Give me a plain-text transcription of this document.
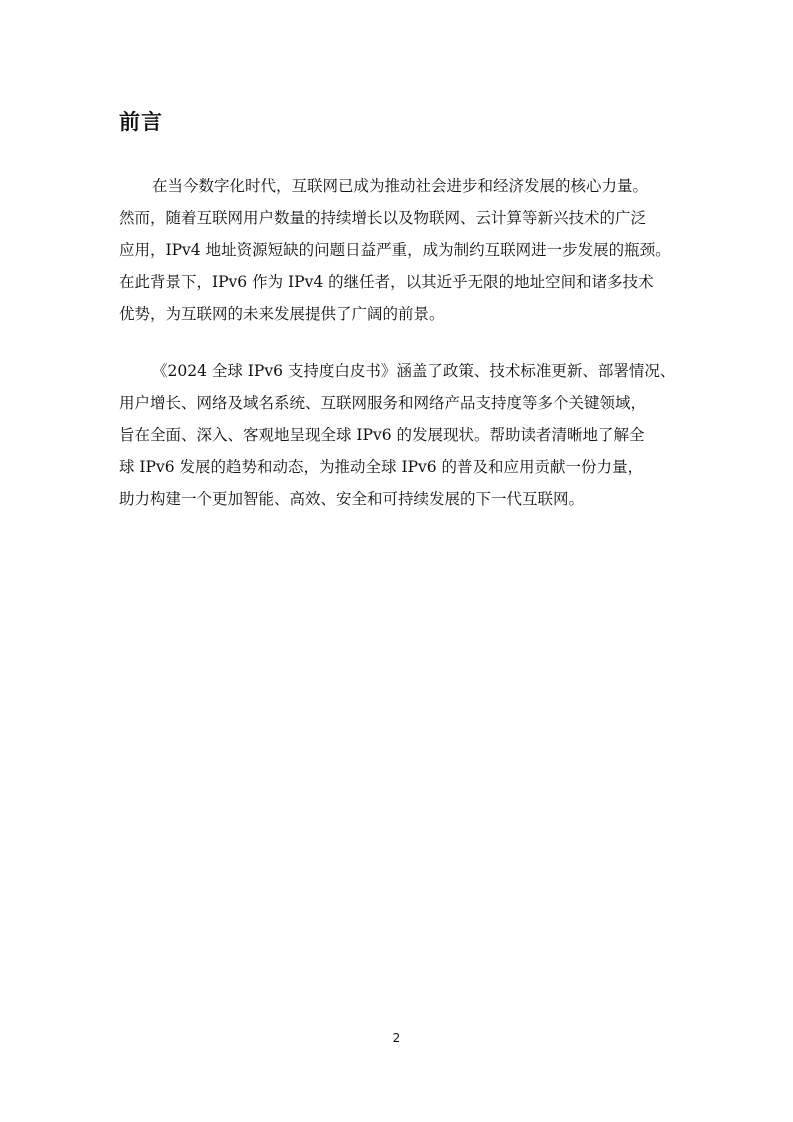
前言

在当今数字化时代，互联网已成为推动社会进步和经济发展的核心力量。
然而，随着互联网用户数量的持续增长以及物联网、云计算等新兴技术的广泛
应用，IPv4 地址资源短缺的问题日益严重，成为制约互联网进一步发展的瓶颈。
在此背景下，IPv6 作为 IPv4 的继任者，以其近乎无限的地址空间和诸多技术
优势，为互联网的未来发展提供了广阔的前景。

《2024 全球 IPv6 支持度白皮书》涵盖了政策、技术标准更新、部署情况、
用户增长、网络及域名系统、互联网服务和网络产品支持度等多个关键领域，
旨在全面、深入、客观地呈现全球 IPv6 的发展现状。帮助读者清晰地了解全
球 IPv6 发展的趋势和动态，为推动全球 IPv6 的普及和应用贡献一份力量，
助力构建一个更加智能、高效、安全和可持续发展的下一代互联网。

2
